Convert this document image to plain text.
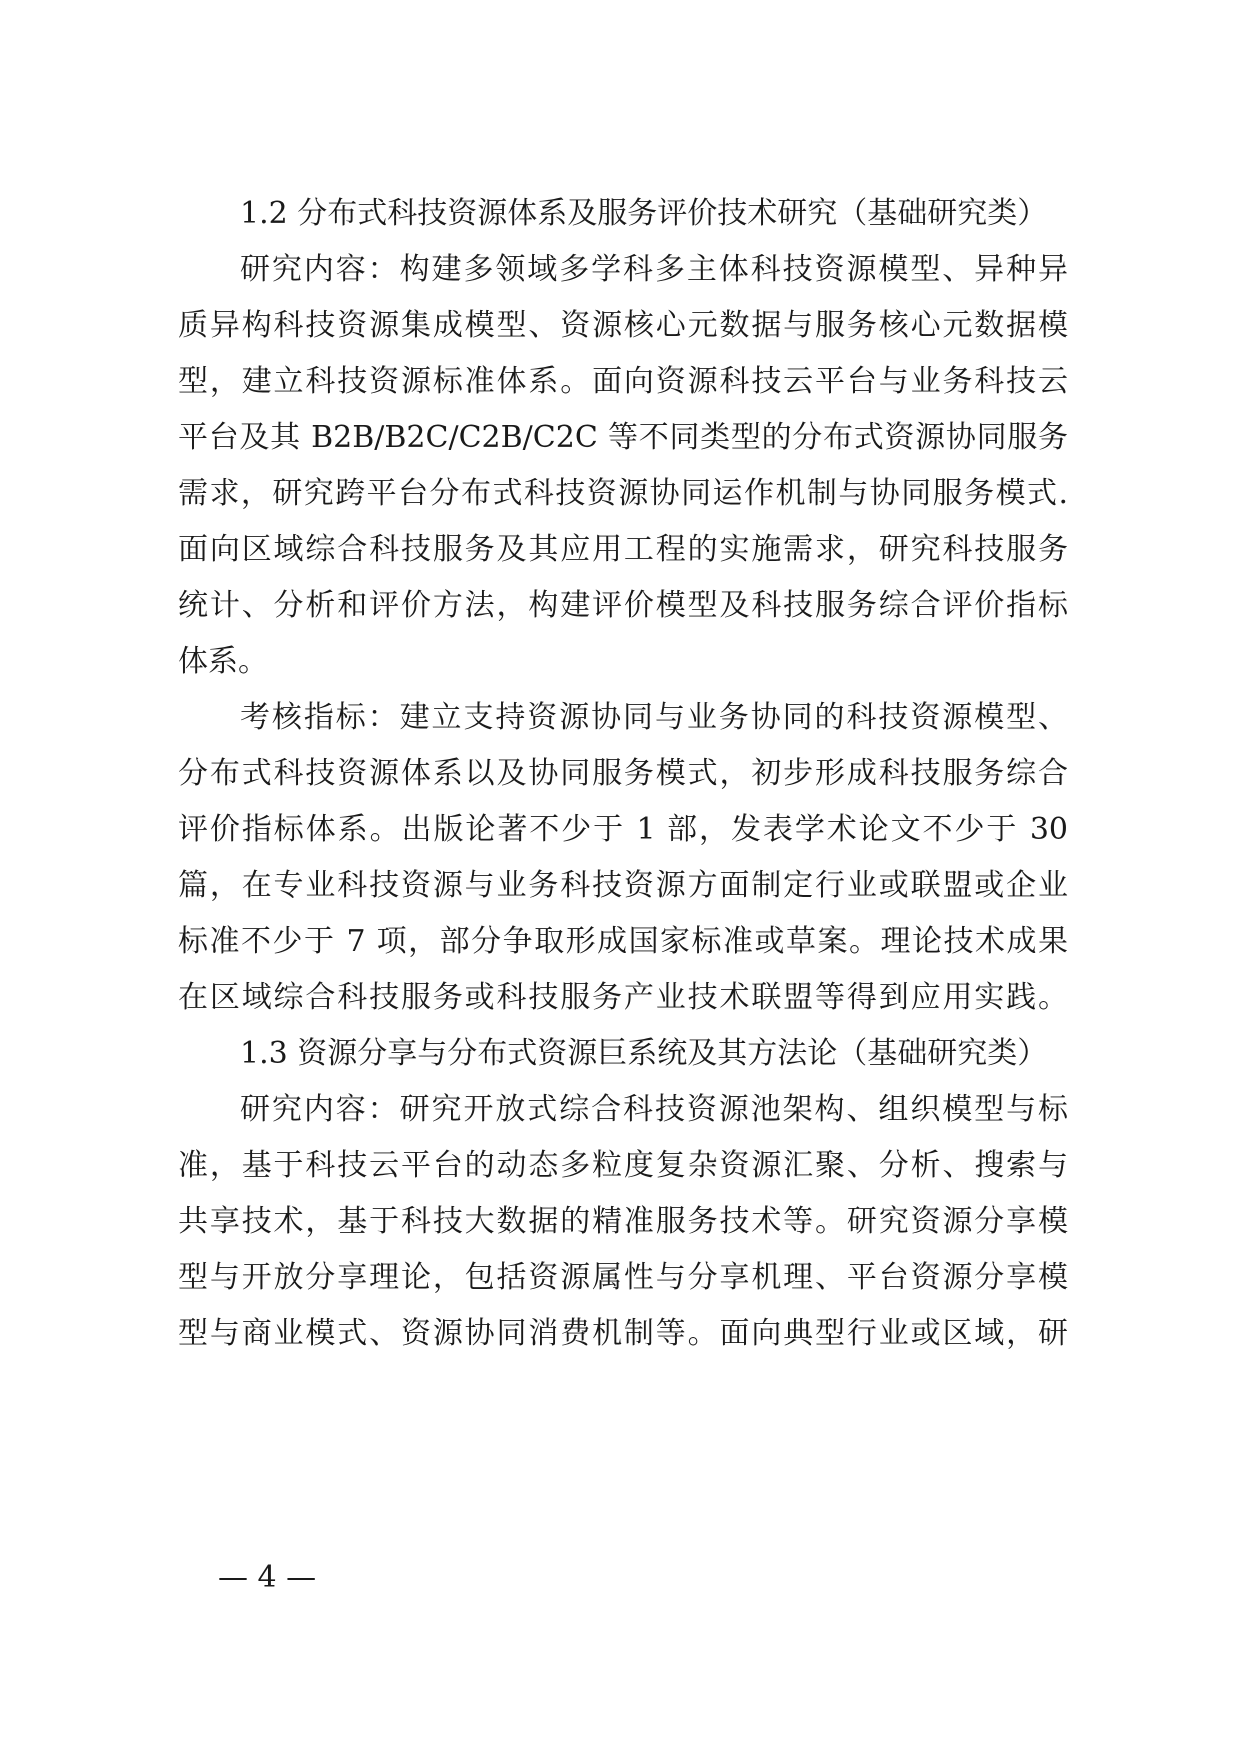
1.2 分布式科技资源体系及服务评价技术研究（基础研究类）
研究内容：构建多领域多学科多主体科技资源模型、异种异
质异构科技资源集成模型、资源核心元数据与服务核心元数据模
型，建立科技资源标准体系。面向资源科技云平台与业务科技云
平台及其 B2B/B2C/C2B/C2C 等不同类型的分布式资源协同服务
需求，研究跨平台分布式科技资源协同运作机制与协同服务模式.
面向区域综合科技服务及其应用工程的实施需求，研究科技服务
统计、分析和评价方法，构建评价模型及科技服务综合评价指标
体系。
考核指标：建立支持资源协同与业务协同的科技资源模型、
分布式科技资源体系以及协同服务模式，初步形成科技服务综合
评价指标体系。出版论著不少于 1 部，发表学术论文不少于 30
篇，在专业科技资源与业务科技资源方面制定行业或联盟或企业
标准不少于 7 项，部分争取形成国家标准或草案。理论技术成果
在区域综合科技服务或科技服务产业技术联盟等得到应用实践。
1.3 资源分享与分布式资源巨系统及其方法论（基础研究类）
研究内容：研究开放式综合科技资源池架构、组织模型与标
准，基于科技云平台的动态多粒度复杂资源汇聚、分析、搜索与
共享技术，基于科技大数据的精准服务技术等。研究资源分享模
型与开放分享理论，包括资源属性与分享机理、平台资源分享模
型与商业模式、资源协同消费机制等。面向典型行业或区域，研
— 4 —
